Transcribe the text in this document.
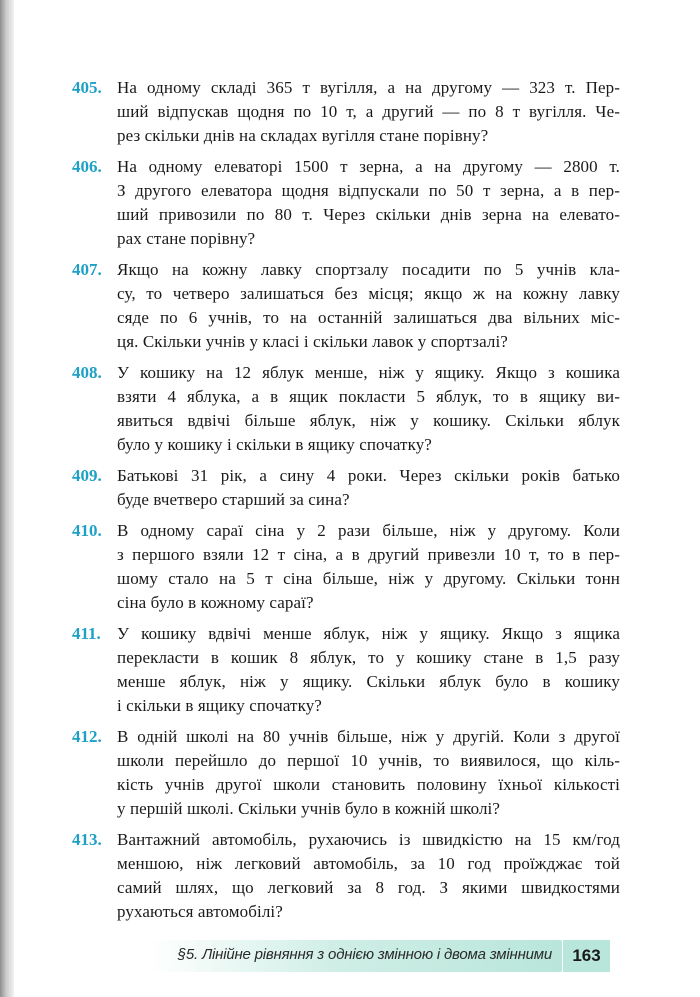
405. На одному складі 365 т вугілля, а на другому — 323 т. Пер-
ший відпускав щодня по 10 т, а другий — по 8 т вугілля. Че-
рез скільки днів на складах вугілля стане порівну?
406. На одному елеваторі 1500 т зерна, а на другому — 2800 т.
З другого елеватора щодня відпускали по 50 т зерна, а в пер-
ший привозили по 80 т. Через скільки днів зерна на елевато-
рах стане порівну?
407. Якщо на кожну лавку спортзалу посадити по 5 учнів кла-
су, то четверо залишаться без місця; якщо ж на кожну лавку
сяде по 6 учнів, то на останній залишаться два вільних міс-
ця. Скільки учнів у класі і скільки лавок у спортзалі?
408. У кошику на 12 яблук менше, ніж у ящику. Якщо з кошика
взяти 4 яблука, а в ящик покласти 5 яблук, то в ящику ви-
явиться вдвічі більше яблук, ніж у кошику. Скільки яблук
було у кошику і скільки в ящику спочатку?
409. Батькові 31 рік, а сину 4 роки. Через скільки років батько
буде вчетверо старший за сина?
410. В одному сараї сіна у 2 рази більше, ніж у другому. Коли
з першого взяли 12 т сіна, а в другий привезли 10 т, то в пер-
шому стало на 5 т сіна більше, ніж у другому. Скільки тонн
сіна було в кожному сараї?
411. У кошику вдвічі менше яблук, ніж у ящику. Якщо з ящика
перекласти в кошик 8 яблук, то у кошику стане в 1,5 разу
менше яблук, ніж у ящику. Скільки яблук було в кошику
і скільки в ящику спочатку?
412. В одній школі на 80 учнів більше, ніж у другій. Коли з другої
школи перейшло до першої 10 учнів, то виявилося, що кіль-
кість учнів другої школи становить половину їхньої кількості
у першій школі. Скільки учнів було в кожній школі?
413. Вантажний автомобіль, рухаючись із швидкістю на 15 км/год
меншою, ніж легковий автомобіль, за 10 год проїжджає той
самий шлях, що легковий за 8 год. З якими швидкостями
рухаються автомобілі?
§5. Лінійне рівняння з однією змінною і двома змінними	163
